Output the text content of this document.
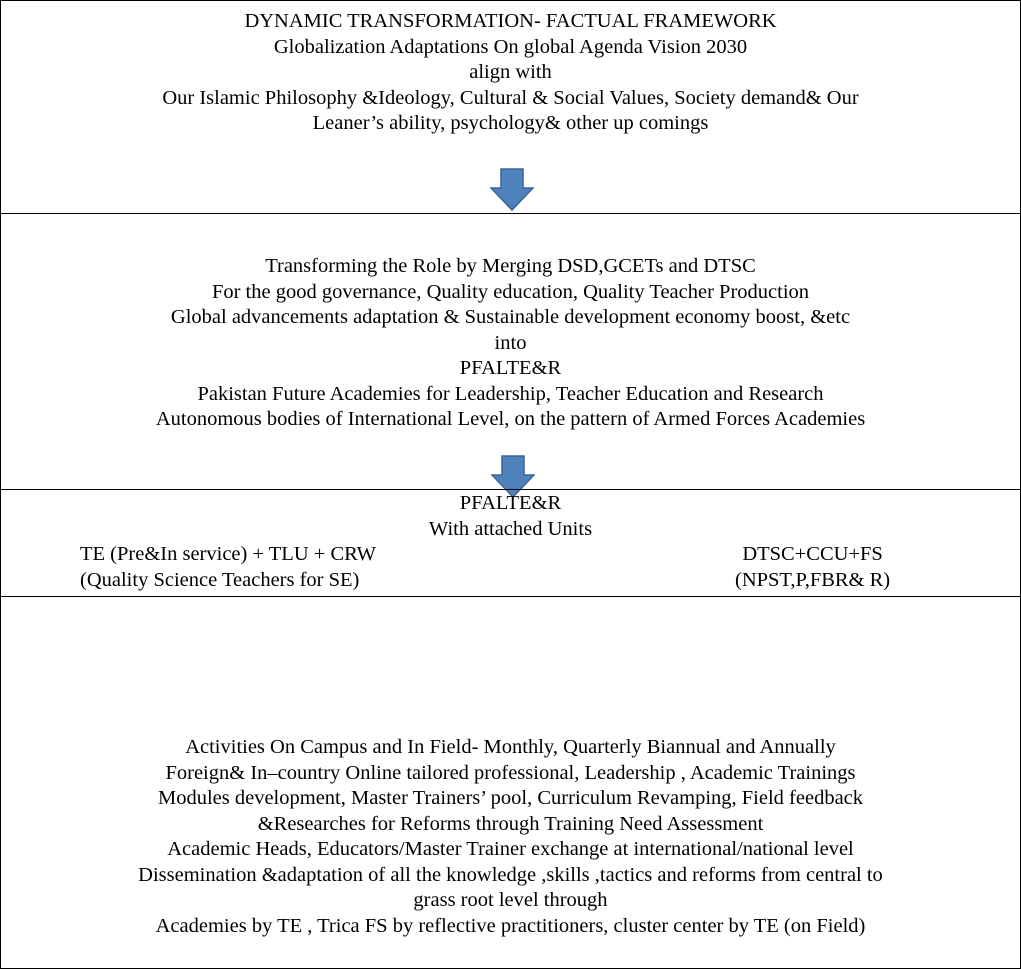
DYNAMIC TRANSFORMATION- FACTUAL FRAMEWORK
Globalization Adaptations On global Agenda Vision 2030
align with
Our Islamic Philosophy &Ideology, Cultural & Social Values, Society demand& Our
Leaner’s ability, psychology& other up comings
Transforming the Role by Merging DSD,GCETs and DTSC
For the good governance, Quality education, Quality Teacher Production
Global advancements adaptation & Sustainable development economy boost, &etc
into
PFALTE&R
Pakistan Future Academies for Leadership, Teacher Education and Research
Autonomous bodies of International Level, on the pattern of Armed Forces Academies
PFALTE&R
With attached Units
TE (Pre&In service) + TLU + CRW
(Quality Science Teachers for SE)
DTSC+CCU+FS
(NPST,P,FBR& R)
Activities On Campus and In Field- Monthly, Quarterly Biannual and Annually
Foreign& In–country Online tailored professional, Leadership , Academic Trainings
Modules development, Master Trainers’ pool, Curriculum Revamping, Field feedback
&Researches for Reforms through Training Need Assessment
Academic Heads, Educators/Master Trainer exchange at international/national level
Dissemination &adaptation of all the knowledge ,skills ,tactics and reforms from central to
grass root level through
Academies by TE , Trica FS by reflective practitioners, cluster center by TE (on Field)
